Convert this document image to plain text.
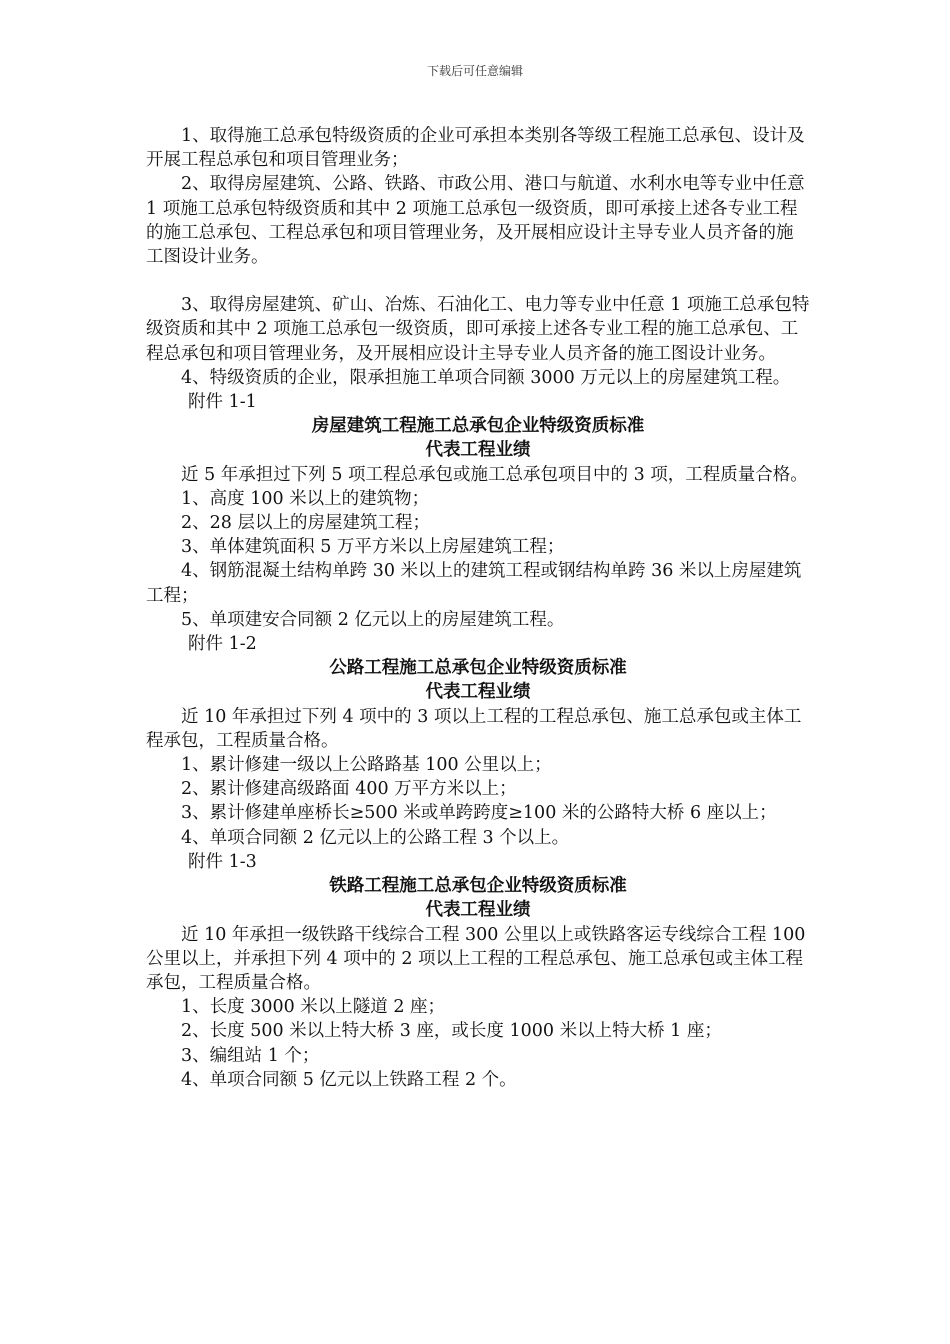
下载后可任意编辑

1、取得施工总承包特级资质的企业可承担本类别各等级工程施工总承包、设计及开展工程总承包和项目管理业务；

2、取得房屋建筑、公路、铁路、市政公用、港口与航道、水利水电等专业中任意 1 项施工总承包特级资质和其中 2 项施工总承包一级资质，即可承接上述各专业工程的施工总承包、工程总承包和项目管理业务，及开展相应设计主导专业人员齐备的施工图设计业务。

3、取得房屋建筑、矿山、冶炼、石油化工、电力等专业中任意 1 项施工总承包特级资质和其中 2 项施工总承包一级资质，即可承接上述各专业工程的施工总承包、工程总承包和项目管理业务，及开展相应设计主导专业人员齐备的施工图设计业务。

4、特级资质的企业，限承担施工单项合同额 3000 万元以上的房屋建筑工程。

附件 1-1

房屋建筑工程施工总承包企业特级资质标准

代表工程业绩

近 5 年承担过下列 5 项工程总承包或施工总承包项目中的 3 项，工程质量合格。

1、高度 100 米以上的建筑物；

2、28 层以上的房屋建筑工程；

3、单体建筑面积 5 万平方米以上房屋建筑工程；

4、钢筋混凝土结构单跨 30 米以上的建筑工程或钢结构单跨 36 米以上房屋建筑工程；

5、单项建安合同额 2 亿元以上的房屋建筑工程。

附件 1-2

公路工程施工总承包企业特级资质标准

代表工程业绩

近 10 年承担过下列 4 项中的 3 项以上工程的工程总承包、施工总承包或主体工程承包，工程质量合格。

1、累计修建一级以上公路路基 100 公里以上；

2、累计修建高级路面 400 万平方米以上；

3、累计修建单座桥长≥500 米或单跨跨度≥100 米的公路特大桥 6 座以上；

4、单项合同额 2 亿元以上的公路工程 3 个以上。

附件 1-3

铁路工程施工总承包企业特级资质标准

代表工程业绩

近 10 年承担一级铁路干线综合工程 300 公里以上或铁路客运专线综合工程 100 公里以上，并承担下列 4 项中的 2 项以上工程的工程总承包、施工总承包或主体工程承包，工程质量合格。

1、长度 3000 米以上隧道 2 座；

2、长度 500 米以上特大桥 3 座，或长度 1000 米以上特大桥 1 座；

3、编组站 1 个；

4、单项合同额 5 亿元以上铁路工程 2 个。
